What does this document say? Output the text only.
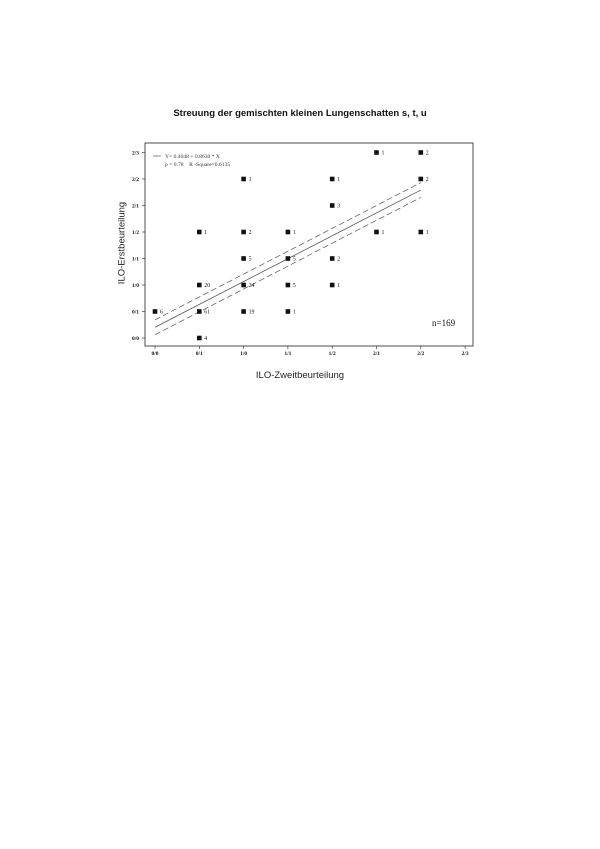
Streuung der gemischten kleinen Lungenschatten s, t, u
ILO-Erstbeurteilung
ILO-Zweitbeurteilung
0/0	0/1	1/0	1/1	1/2	2/1	2/2	2/3
0/0
0/1
1/0
1/1
1/2
2/1
2/2
2/3
6
4
61
20
1
19
24
5
2
1
1
5
5
1
1
2
3
1
1
1
1
2
2
Y= 0.4048 + 0.8630 * X
p = 0.78    R -Square=0.6135
n=169
